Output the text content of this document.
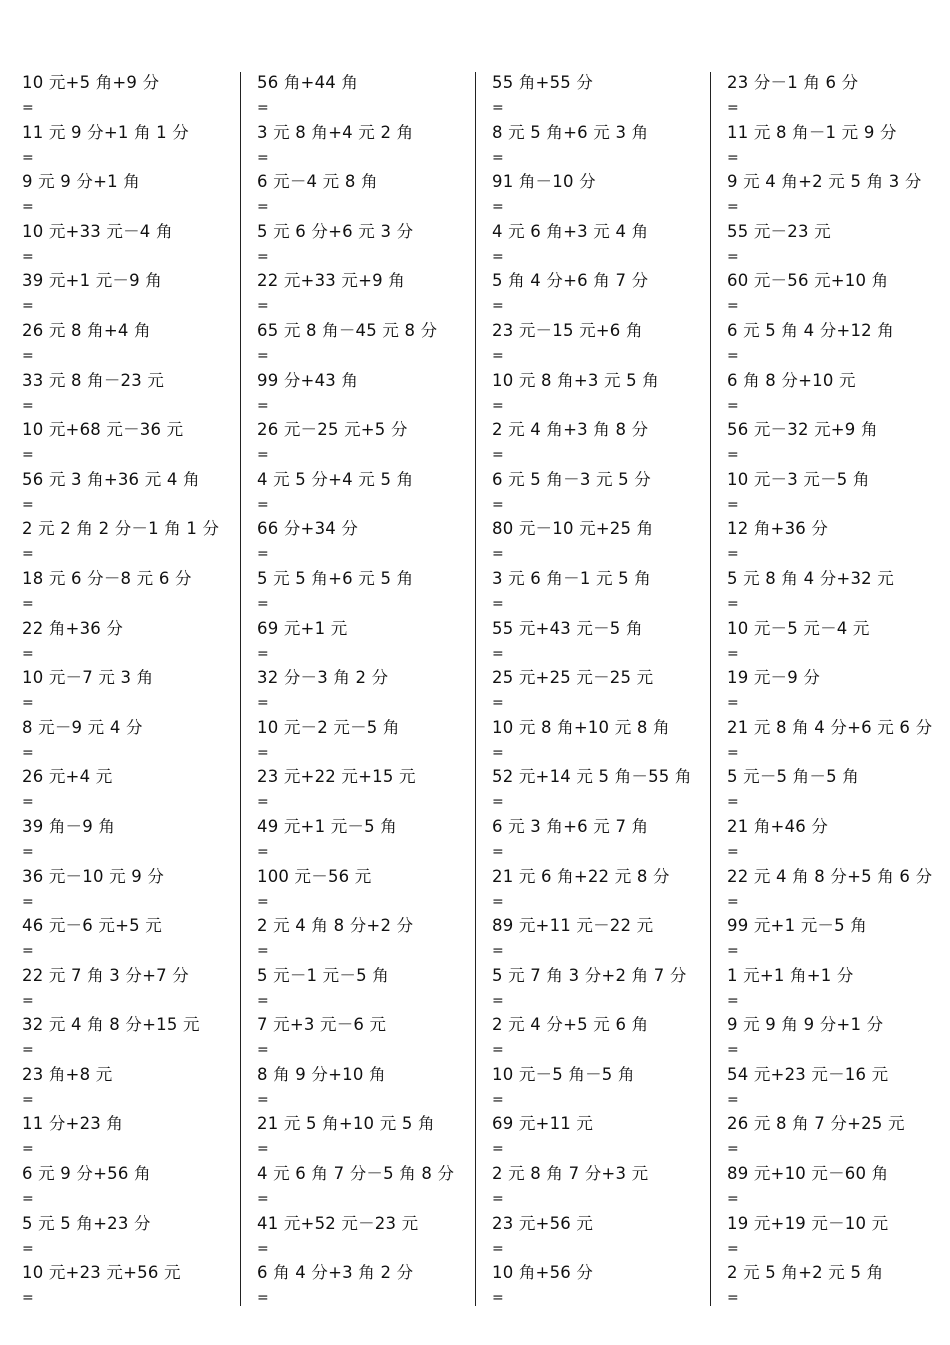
10 元+5 角+9 分
=
11 元 9 分+1 角 1 分
=
9 元 9 分+1 角
=
10 元+33 元－4 角
=
39 元+1 元－9 角
=
26 元 8 角+4 角
=
33 元 8 角－23 元
=
10 元+68 元－36 元
=
56 元 3 角+36 元 4 角
=
2 元 2 角 2 分－1 角 1 分
=
18 元 6 分－8 元 6 分
=
22 角+36 分
=
10 元－7 元 3 角
=
8 元－9 元 4 分
=
26 元+4 元
=
39 角－9 角
=
36 元－10 元 9 分
=
46 元－6 元+5 元
=
22 元 7 角 3 分+7 分
=
32 元 4 角 8 分+15 元
=
23 角+8 元
=
11 分+23 角
=
6 元 9 分+56 角
=
5 元 5 角+23 分
=
10 元+23 元+56 元
=
56 角+44 角
=
3 元 8 角+4 元 2 角
=
6 元－4 元 8 角
=
5 元 6 分+6 元 3 分
=
22 元+33 元+9 角
=
65 元 8 角－45 元 8 分
=
99 分+43 角
=
26 元－25 元+5 分
=
4 元 5 分+4 元 5 角
=
66 分+34 分
=
5 元 5 角+6 元 5 角
=
69 元+1 元
=
32 分－3 角 2 分
=
10 元－2 元－5 角
=
23 元+22 元+15 元
=
49 元+1 元－5 角
=
100 元－56 元
=
2 元 4 角 8 分+2 分
=
5 元－1 元－5 角
=
7 元+3 元－6 元
=
8 角 9 分+10 角
=
21 元 5 角+10 元 5 角
=
4 元 6 角 7 分－5 角 8 分
=
41 元+52 元－23 元
=
6 角 4 分+3 角 2 分
=
55 角+55 分
=
8 元 5 角+6 元 3 角
=
91 角－10 分
=
4 元 6 角+3 元 4 角
=
5 角 4 分+6 角 7 分
=
23 元－15 元+6 角
=
10 元 8 角+3 元 5 角
=
2 元 4 角+3 角 8 分
=
6 元 5 角－3 元 5 分
=
80 元－10 元+25 角
=
3 元 6 角－1 元 5 角
=
55 元+43 元－5 角
=
25 元+25 元－25 元
=
10 元 8 角+10 元 8 角
=
52 元+14 元 5 角－55 角
=
6 元 3 角+6 元 7 角
=
21 元 6 角+22 元 8 分
=
89 元+11 元－22 元
=
5 元 7 角 3 分+2 角 7 分
=
2 元 4 分+5 元 6 角
=
10 元－5 角－5 角
=
69 元+11 元
=
2 元 8 角 7 分+3 元
=
23 元+56 元
=
10 角+56 分
=
23 分－1 角 6 分
=
11 元 8 角－1 元 9 分
=
9 元 4 角+2 元 5 角 3 分
=
55 元－23 元
=
60 元－56 元+10 角
=
6 元 5 角 4 分+12 角
=
6 角 8 分+10 元
=
56 元－32 元+9 角
=
10 元－3 元－5 角
=
12 角+36 分
=
5 元 8 角 4 分+32 元
=
10 元－5 元－4 元
=
19 元－9 分
=
21 元 8 角 4 分+6 元 6 分
=
5 元－5 角－5 角
=
21 角+46 分
=
22 元 4 角 8 分+5 角 6 分
=
99 元+1 元－5 角
=
1 元+1 角+1 分
=
9 元 9 角 9 分+1 分
=
54 元+23 元－16 元
=
26 元 8 角 7 分+25 元
=
89 元+10 元－60 角
=
19 元+19 元－10 元
=
2 元 5 角+2 元 5 角
=
